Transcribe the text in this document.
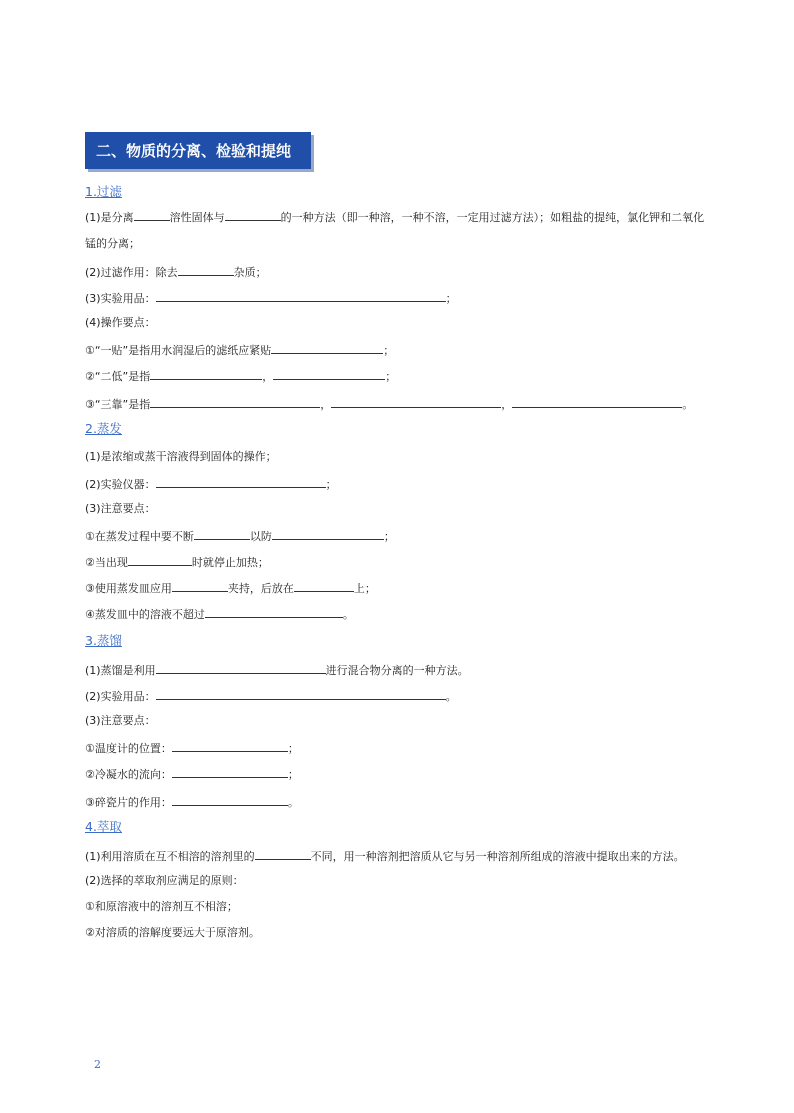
二、物质的分离、检验和提纯
1.过滤
(1)是分离	溶性固体与	的一种方法（即一种溶，一种不溶，一定用过滤方法）；如粗盐的提纯，氯化钾和二氧化锰的分离；
(2)过滤作用：除去	杂质；
(3)实验用品：	；
(4)操作要点：
①“一贴”是指用水润湿后的滤纸应紧贴	；
②“二低”是指	，	；
③“三靠”是指	，	，	。
2.蒸发
(1)是浓缩或蒸干溶液得到固体的操作；
(2)实验仪器：	；
(3)注意要点：
①在蒸发过程中要不断	以防	；
②当出现	时就停止加热；
③使用蒸发皿应用	夹持，后放在	上；
④蒸发皿中的溶液不超过	。
3.蒸馏
(1)蒸馏是利用	进行混合物分离的一种方法。
(2)实验用品：	。
(3)注意要点：
①温度计的位置：	；
②冷凝水的流向：	；
③碎瓷片的作用：	。
4.萃取
(1)利用溶质在互不相溶的溶剂里的	不同，用一种溶剂把溶质从它与另一种溶剂所组成的溶液中提取出来的方法。
(2)选择的萃取剂应满足的原则：
①和原溶液中的溶剂互不相溶；
②对溶质的溶解度要远大于原溶剂。
2
